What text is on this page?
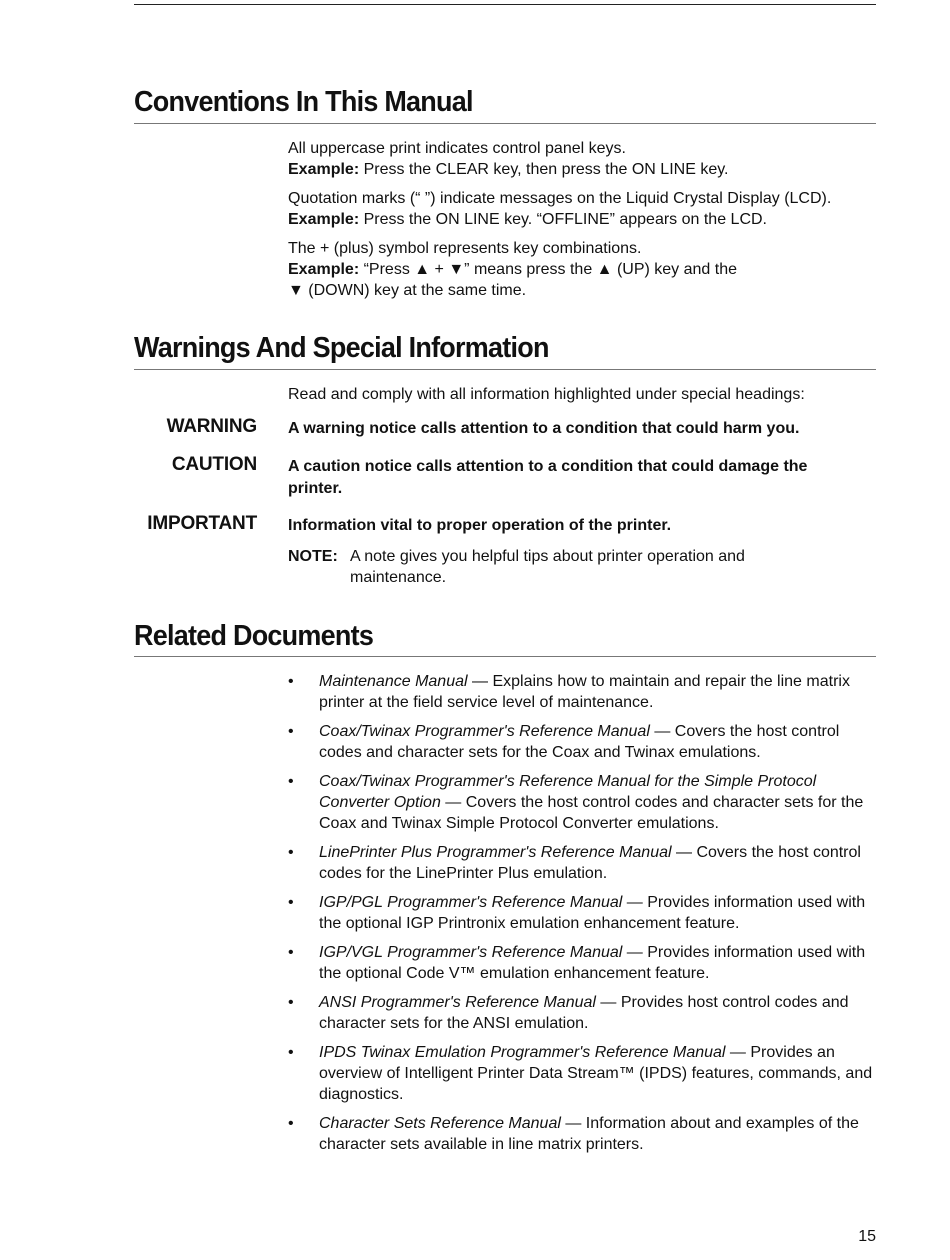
Conventions In This Manual

All uppercase print indicates control panel keys.

Example: Press the CLEAR key, then press the ON LINE key.

Quotation marks (“ ”) indicate messages on the Liquid Crystal Display (LCD).

Example: Press the ON LINE key. “OFFLINE” appears on the LCD.

The + (plus) symbol represents key combinations.

Example: “Press ▲ + ▼” means press the ▲ (UP) key and the

▼ (DOWN) key at the same time.

Warnings And Special Information
Read and comply with all information highlighted under special headings:
WARNING A warning notice calls attention to a condition that could harm you.
CAUTION A caution notice calls attention to a condition that could damage the printer.
IMPORTANT Information vital to proper operation of the printer.
NOTE: A note gives you helpful tips about printer operation and maintenance.
Related Documents
• Maintenance Manual — Explains how to maintain and repair the line matrix printer at the field service level of maintenance.
• Coax/Twinax Programmer's Reference Manual — Covers the host control codes and character sets for the Coax and Twinax emulations.
• Coax/Twinax Programmer's Reference Manual for the Simple Protocol Converter Option — Covers the host control codes and character sets for the Coax and Twinax Simple Protocol Converter emulations.
• LinePrinter Plus Programmer's Reference Manual — Covers the host control codes for the LinePrinter Plus emulation.
• IGP/PGL Programmer's Reference Manual — Provides information used with the optional IGP Printronix emulation enhancement feature.
• IGP/VGL Programmer's Reference Manual — Provides information used with the optional Code V™ emulation enhancement feature.
• ANSI Programmer's Reference Manual — Provides host control codes and character sets for the ANSI emulation.
• IPDS Twinax Emulation Programmer's Reference Manual — Provides an overview of Intelligent Printer Data Stream™ (IPDS) features, commands, and diagnostics.
• Character Sets Reference Manual — Information about and examples of the character sets available in line matrix printers.
15
